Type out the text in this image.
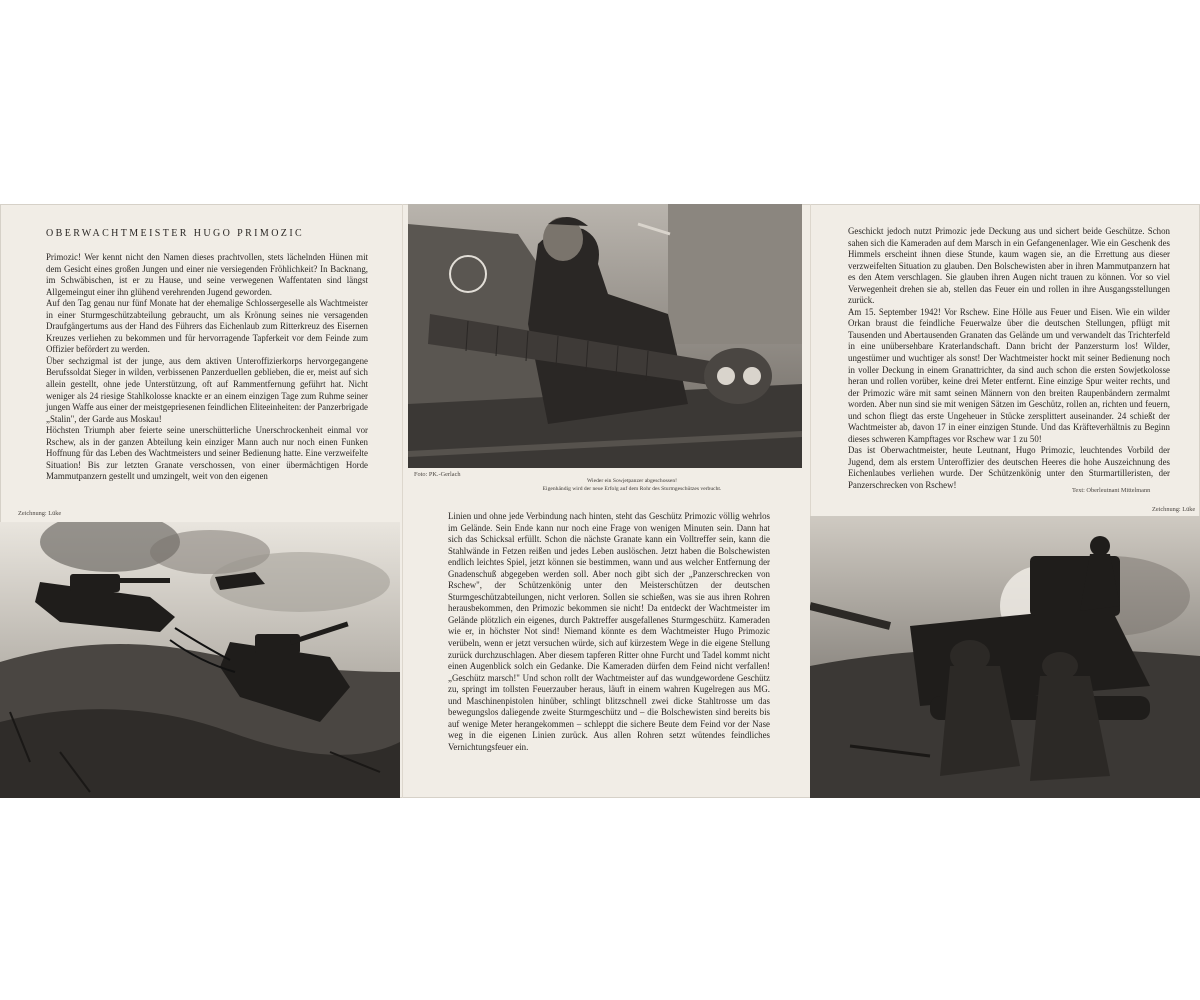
OBERWACHTMEISTER HUGO PRIMOZIC

Primozic! Wer kennt nicht den Namen dieses prachtvollen, stets lächelnden Hünen mit dem Gesicht eines großen Jungen und einer nie versiegenden Fröhlichkeit? In Backnang, im Schwäbischen, ist er zu Hause, und seine verwegenen Waffentaten sind längst Allgemeingut einer ihn glühend verehrenden Jugend geworden.

Auf den Tag genau nur fünf Monate hat der ehemalige Schlossergeselle als Wachtmeister in einer Sturmgeschützabteilung gebraucht, um als Krönung seines nie versagenden Draufgängertums aus der Hand des Führers das Eichenlaub zum Ritterkreuz des Eisernen Kreuzes verliehen zu bekommen und für hervorragende Tapferkeit vor dem Feinde zum Offizier befördert zu werden.

Über sechzigmal ist der junge, aus dem aktiven Unteroffizierkorps hervorgegangene Berufssoldat Sieger in wilden, verbissenen Panzerduellen geblieben, die er, meist auf sich allein gestellt, ohne jede Unterstützung, oft auf Rammentfernung geführt hat. Nicht weniger als 24 riesige Stahlkolosse knackte er an einem einzigen Tage zum Ruhme seiner jungen Waffe aus einer der meistgepriesenen feindlichen Eliteeinheiten: der Panzerbrigade „Stalin", der Garde aus Moskau!

Höchsten Triumph aber feierte seine unerschütterliche Unerschrockenheit einmal vor Rschew, als in der ganzen Abteilung kein einziger Mann auch nur noch einen Funken Hoffnung für das Leben des Wachtmeisters und seiner Bedienung hatte. Eine verzweifelte Situation! Bis zur letzten Granate verschossen, von einer übermächtigen Horde Mammutpanzern gestellt und umzingelt, weit von den eigenen

Zeichnung: Lüke
Foto: PK.-Gerlach
Wieder ein Sowjetpanzer abgeschossen!
Eigenhändig wird der neue Erfolg auf dem Rohr des Sturmgeschützes verbucht.

Linien und ohne jede Verbindung nach hinten, steht das Geschütz Primozic völlig wehrlos im Gelände. Sein Ende kann nur noch eine Frage von wenigen Minuten sein. Dann hat sich das Schicksal erfüllt. Schon die nächste Granate kann ein Volltreffer sein, kann die Stahlwände in Fetzen reißen und jedes Leben auslöschen. Jetzt haben die Bolschewisten endlich leichtes Spiel, jetzt können sie bestimmen, wann und aus welcher Entfernung der Gnadenschuß abgegeben werden soll. Aber noch gibt sich der „Panzerschrecken von Rschew", der Schützenkönig unter den Meisterschützen der deutschen Sturmgeschützabteilungen, nicht verloren. Sollen sie schießen, was sie aus ihren Rohren herausbekommen, den Primozic bekommen sie nicht! Da entdeckt der Wachtmeister im Gelände plötzlich ein eigenes, durch Paktreffer ausgefallenes Sturmgeschütz. Kameraden wie er, in höchster Not sind! Niemand könnte es dem Wachtmeister Hugo Primozic verübeln, wenn er jetzt versuchen würde, sich auf kürzestem Wege in die eigene Stellung zurück durchzuschlagen. Aber diesem tapferen Ritter ohne Furcht und Tadel kommt nicht einen Augenblick solch ein Gedanke. Die Kameraden dürfen dem Feind nicht verfallen! „Geschütz marsch!" Und schon rollt der Wachtmeister auf das wundgewordene Geschütz zu, springt im tollsten Feuerzauber heraus, läuft in einem wahren Kugelregen aus MG. und Maschinenpistolen hinüber, schlingt blitzschnell zwei dicke Stahltrosse um das bewegungslos daliegende zweite Sturmgeschütz und – die Bolschewisten sind bereits bis auf wenige Meter herangekommen – schleppt die sichere Beute dem Feind vor der Nase weg in die eigenen Linien zurück. Aus allen Rohren setzt wütendes feindliches Vernichtungsfeuer ein.

Geschickt jedoch nutzt Primozic jede Deckung aus und sichert beide Geschütze. Schon sahen sich die Kameraden auf dem Marsch in ein Gefangenenlager. Wie ein Geschenk des Himmels erscheint ihnen diese Stunde, kaum wagen sie, an die Errettung aus dieser verzweifelten Situation zu glauben. Den Bolschewisten aber in ihren Mammutpanzern hat es den Atem verschlagen. Sie glauben ihren Augen nicht trauen zu können. Vor so viel Verwegenheit drehen sie ab, stellen das Feuer ein und rollen in ihre Ausgangsstellungen zurück.

Am 15. September 1942! Vor Rschew. Eine Hölle aus Feuer und Eisen. Wie ein wilder Orkan braust die feindliche Feuerwalze über die deutschen Stellungen, pflügt mit Tausenden und Abertausenden Granaten das Gelände um und verwandelt das Trichterfeld in eine unübersehbare Kraterlandschaft. Dann bricht der Panzersturm los! Wilder, ungestümer und wuchtiger als sonst! Der Wachtmeister hockt mit seiner Bedienung noch in voller Deckung in einem Granattrichter, da sind auch schon die ersten Sowjetkolosse heran und rollen vorüber, keine drei Meter entfernt. Eine einzige Spur weiter rechts, und der Primozic wäre mit samt seinen Männern von den breiten Raupenbändern zermalmt worden. Aber nun sind sie mit wenigen Sätzen im Geschütz, rollen an, richten und feuern, und schon fliegt das erste Ungeheuer in Stücke zersplittert auseinander. 24 schießt der Wachtmeister ab, davon 17 in einer einzigen Stunde. Und das Kräfteverhältnis zu Beginn dieses schweren Kampftages vor Rschew war 1 zu 50!

Das ist Oberwachtmeister, heute Leutnant, Hugo Primozic, leuchtendes Vorbild der Jugend, dem als erstem Unteroffizier des deutschen Heeres die hohe Auszeichnung des Eichenlaubes verliehen wurde. Der Schützenkönig unter den Sturmartilleristen, der Panzerschrecken von Rschew!

Text: Oberleutnant Mittelmann
Zeichnung: Lüke
